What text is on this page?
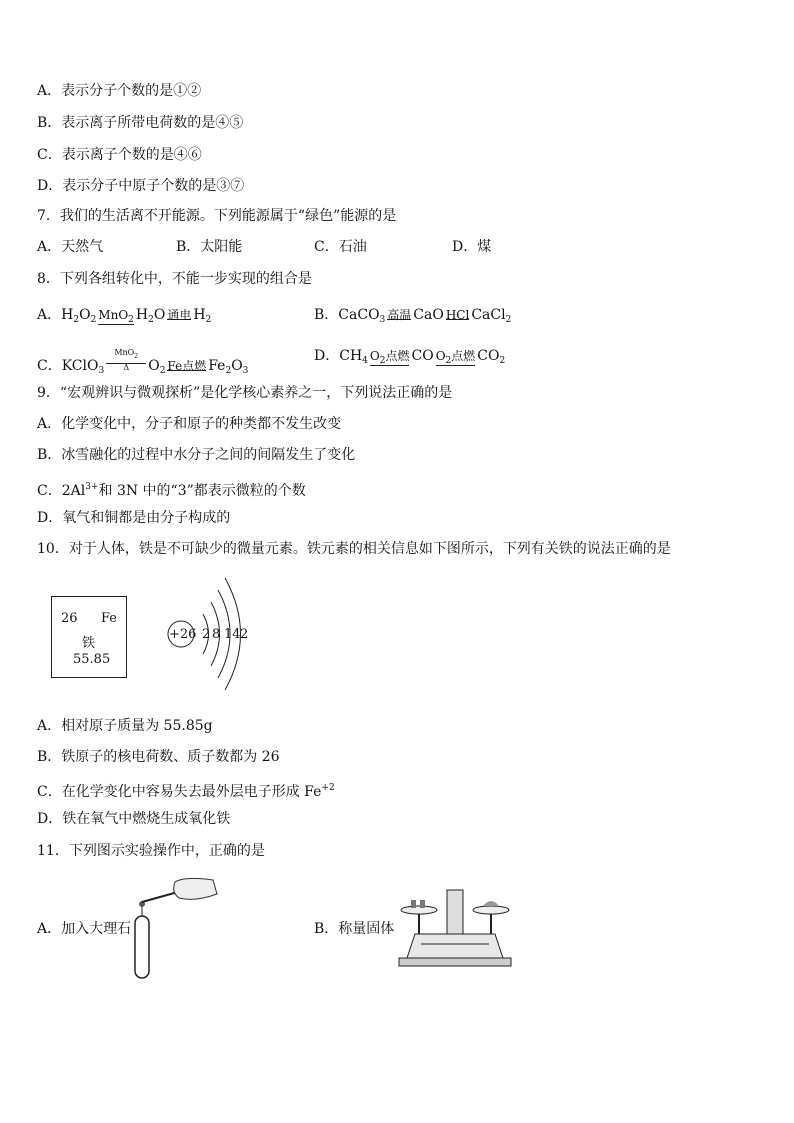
A．表示分子个数的是①②
B．表示离子所带电荷数的是④⑤
C．表示离子个数的是④⑥
D．表示分子中原子个数的是③⑦
7．我们的生活离不开能源。下列能源属于“绿色”能源的是
A．天然气	B．太阳能	C．石油	D．煤
8．下列各组转化中，不能一步实现的组合是
A．$H_2O_2$ MnO$_2$ $H_2O$ 通电 $H_2$	B．CaCO$_3$ 高温 CaO HCl CaCl$_2$
C．KClO$_3$
MnO$_2$
Δ	$O_2$ Fe点燃 $Fe_2O_3$
D．$CH_4$ $O_2$点燃 CO $O_2$点燃 $CO_2$
9．“宏观辨识与微观探析”是化学核心素养之一，下列说法正确的是
A．化学变化中，分子和原子的种类都不发生改变
B．冰雪融化的过程中水分子之间的间隔发生了变化
C．$2Al^{3+}$和 3N 中的“3”都表示微粒的个数
D．氧气和铜都是由分子构成的
10．对于人体，铁是不可缺少的微量元素。铁元素的相关信息如下图所示，下列有关铁的说法正确的是
26 Fe
铁
55.85
+26 2 8 14 2
A．相对原子质量为 55.85g
B．铁原子的核电荷数、质子数都为 26
C．在化学变化中容易失去最外层电子形成 $Fe^{+2}$
D．铁在氧气中燃烧生成氧化铁
11．下列图示实验操作中，正确的是
A．加入大理石	B．称量固体
